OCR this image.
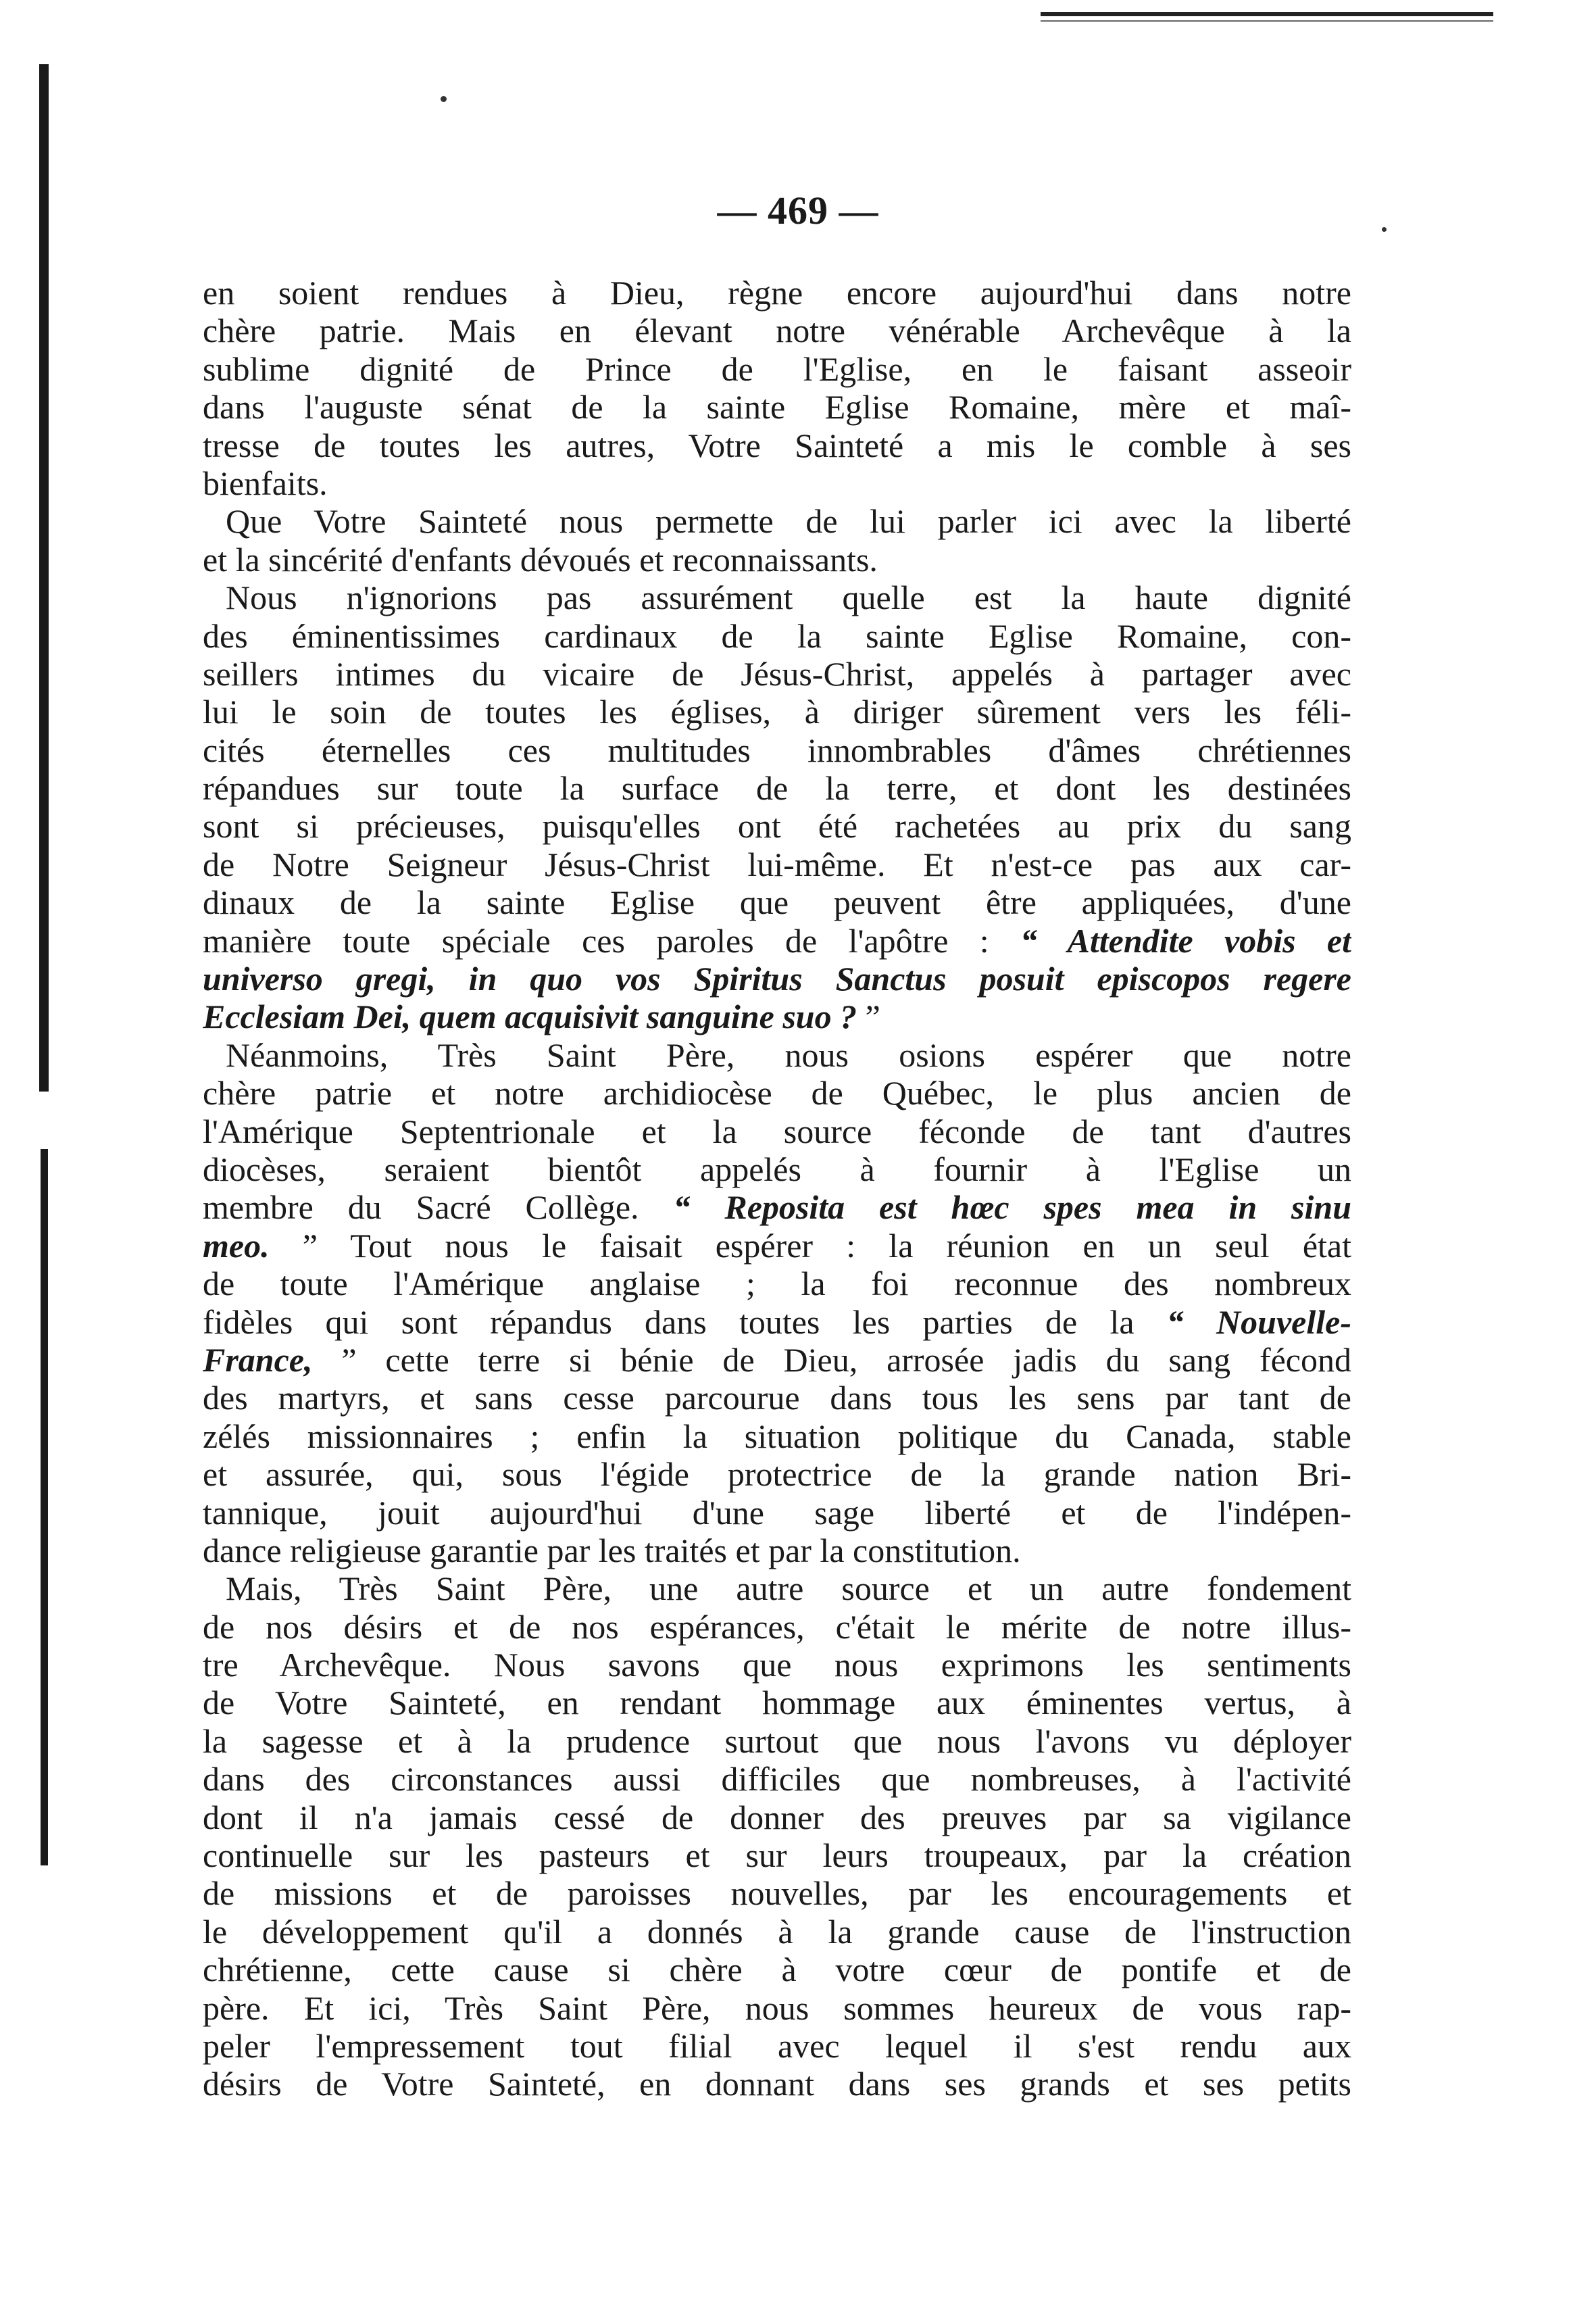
— 469 —
en soient rendues à Dieu, règne encore aujourd'hui dans notre
chère patrie. Mais en élevant notre vénérable Archevêque à la
sublime dignité de Prince de l'Eglise, en le faisant asseoir
dans l'auguste sénat de la sainte Eglise Romaine, mère et maî-
tresse de toutes les autres, Votre Sainteté a mis le comble à ses
bienfaits.
Que Votre Sainteté nous permette de lui parler ici avec la liberté
et la sincérité d'enfants dévoués et reconnaissants.
Nous n'ignorions pas assurément quelle est la haute dignité
des éminentissimes cardinaux de la sainte Eglise Romaine, con-
seillers intimes du vicaire de Jésus-Christ, appelés à partager avec
lui le soin de toutes les églises, à diriger sûrement vers les féli-
cités éternelles ces multitudes innombrables d'âmes chrétiennes
répandues sur toute la surface de la terre, et dont les destinées
sont si précieuses, puisqu'elles ont été rachetées au prix du sang
de Notre Seigneur Jésus-Christ lui-même. Et n'est-ce pas aux car-
dinaux de la sainte Eglise que peuvent être appliquées, d'une
manière toute spéciale ces paroles de l'apôtre : “ Attendite vobis et
universo gregi, in quo vos Spiritus Sanctus posuit episcopos regere
Ecclesiam Dei, quem acquisivit sanguine suo ? ”
Néanmoins, Très Saint Père, nous osions espérer que notre
chère patrie et notre archidiocèse de Québec, le plus ancien de
l'Amérique Septentrionale et la source féconde de tant d'autres
diocèses, seraient bientôt appelés à fournir à l'Eglise un
membre du Sacré Collège. “ Reposita est hœc spes mea in sinu
meo. ” Tout nous le faisait espérer : la réunion en un seul état
de toute l'Amérique anglaise ; la foi reconnue des nombreux
fidèles qui sont répandus dans toutes les parties de la “ Nouvelle-
France, ” cette terre si bénie de Dieu, arrosée jadis du sang fécond
des martyrs, et sans cesse parcourue dans tous les sens par tant de
zélés missionnaires ; enfin la situation politique du Canada, stable
et assurée, qui, sous l'égide protectrice de la grande nation Bri-
tannique, jouit aujourd'hui d'une sage liberté et de l'indépen-
dance religieuse garantie par les traités et par la constitution.
Mais, Très Saint Père, une autre source et un autre fondement
de nos désirs et de nos espérances, c'était le mérite de notre illus-
tre Archevêque. Nous savons que nous exprimons les sentiments
de Votre Sainteté, en rendant hommage aux éminentes vertus, à
la sagesse et à la prudence surtout que nous l'avons vu déployer
dans des circonstances aussi difficiles que nombreuses, à l'activité
dont il n'a jamais cessé de donner des preuves par sa vigilance
continuelle sur les pasteurs et sur leurs troupeaux, par la création
de missions et de paroisses nouvelles, par les encouragements et
le développement qu'il a donnés à la grande cause de l'instruction
chrétienne, cette cause si chère à votre cœur de pontife et de
père. Et ici, Très Saint Père, nous sommes heureux de vous rap-
peler l'empressement tout filial avec lequel il s'est rendu aux
désirs de Votre Sainteté, en donnant dans ses grands et ses petits
